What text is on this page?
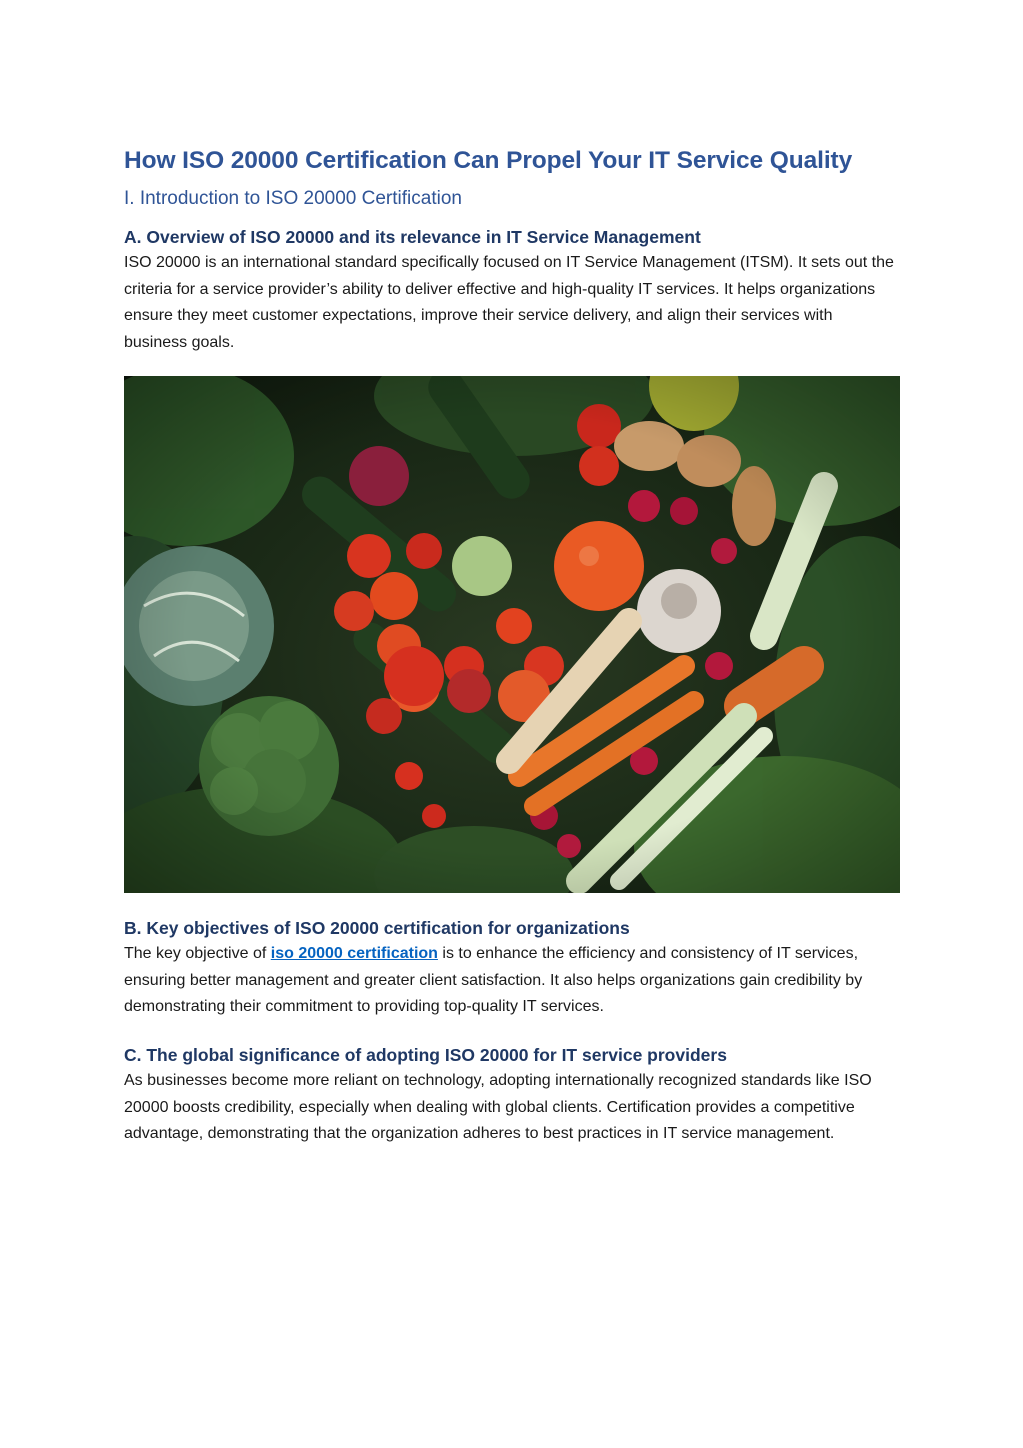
How ISO 20000 Certification Can Propel Your IT Service Quality
I. Introduction to ISO 20000 Certification
A. Overview of ISO 20000 and its relevance in IT Service Management

ISO 20000 is an international standard specifically focused on IT Service Management (ITSM). It sets out the criteria for a service provider’s ability to deliver effective and high-quality IT services. It helps organizations ensure they meet customer expectations, improve their service delivery, and align their services with business goals.

B. Key objectives of ISO 20000 certification for organizations

The key objective of iso 20000 certification is to enhance the efficiency and consistency of IT services, ensuring better management and greater client satisfaction. It also helps organizations gain credibility by demonstrating their commitment to providing top-quality IT services.

C. The global significance of adopting ISO 20000 for IT service providers

As businesses become more reliant on technology, adopting internationally recognized standards like ISO 20000 boosts credibility, especially when dealing with global clients. Certification provides a competitive advantage, demonstrating that the organization adheres to best practices in IT service management.
